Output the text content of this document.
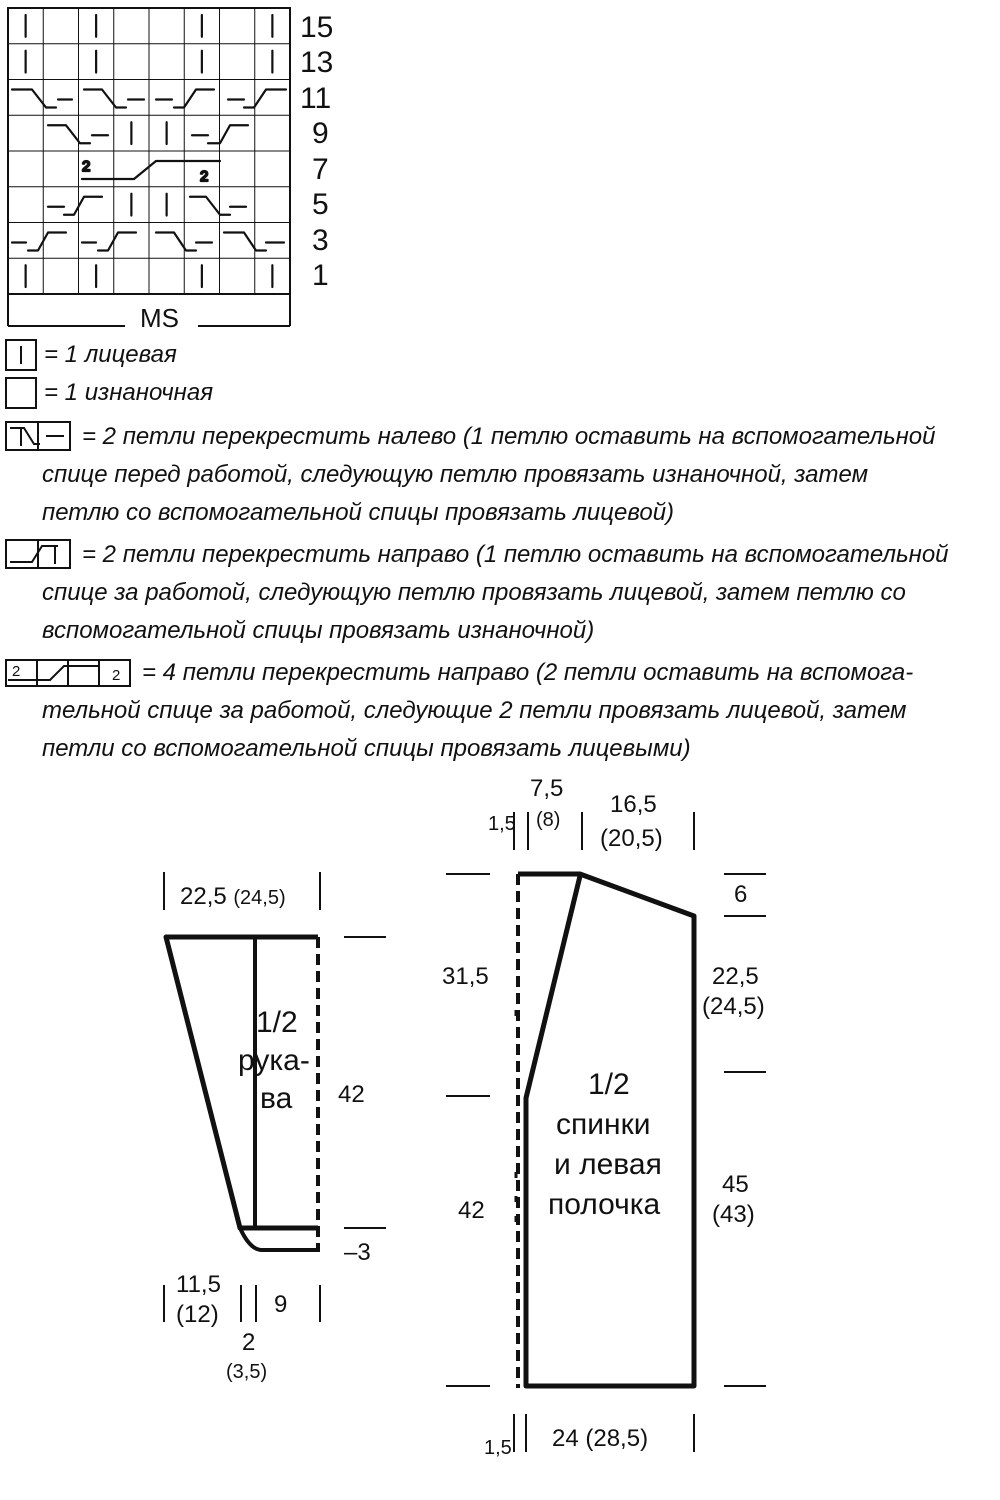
2
2
15
13
11
9
7
5
3
1
MS
= 1 лицевая
= 1 изнаночная
= 2 петли перекрестить налево (1 петлю оставить на вспомогательной
спице перед работой, следующую петлю провязать изнаночной, затем
петлю со вспомогательной спицы провязать лицевой)
= 2 петли перекрестить направо (1 петлю оставить на вспомогательной
спице за работой, следующую петлю провязать лицевой, затем петлю со
вспомогательной спицы провязать изнаночной)
2	2 = 4 петли перекрестить направо (2 петли оставить на вспомога-
тельной спице за работой, следующие 2 петли провязать лицевой, затем
петли со вспомогательной спицы провязать лицевыми)
1/2
рука-
ва
22,5 (24,5)
42
–3
11,5
(12) 9
2
(3,5)
1/2
спинки
и левая
полочка
1,5
7,5
(8)
16,5
(20,5)
6
31,5
42
22,5
(24,5)
45
(43)
1,5 24 (28,5)
